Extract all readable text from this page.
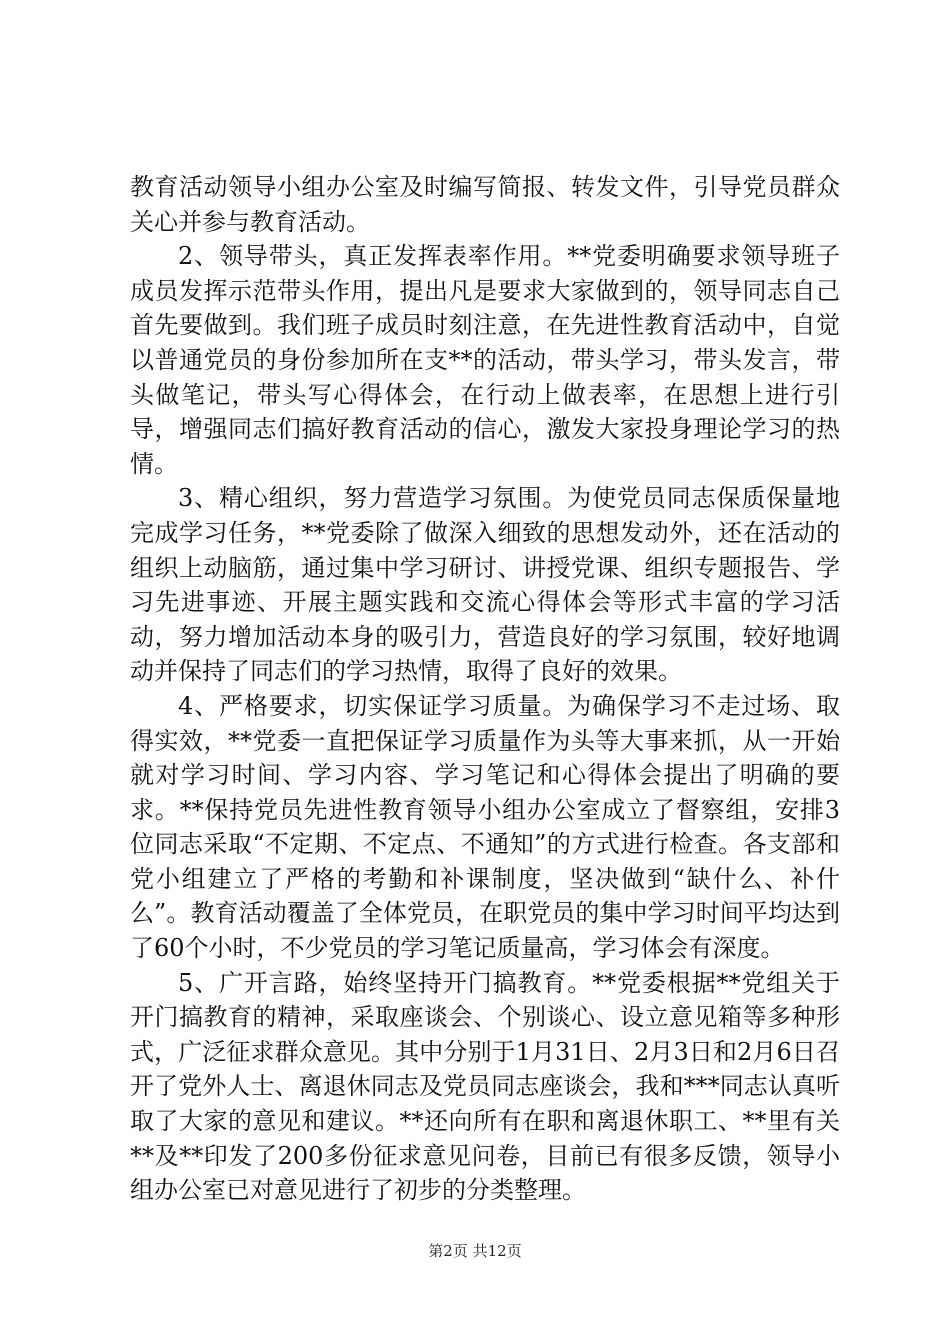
教育活动领导小组办公室及时编写简报、转发文件，引导党员群众关心并参与教育活动。

2、领导带头，真正发挥表率作用。**党委明确要求领导班子成员发挥示范带头作用，提出凡是要求大家做到的，领导同志自己首先要做到。我们班子成员时刻注意，在先进性教育活动中，自觉以普通党员的身份参加所在支**的活动，带头学习，带头发言，带头做笔记，带头写心得体会，在行动上做表率，在思想上进行引导，增强同志们搞好教育活动的信心，激发大家投身理论学习的热情。

3、精心组织，努力营造学习氛围。为使党员同志保质保量地完成学习任务，**党委除了做深入细致的思想发动外，还在活动的组织上动脑筋，通过集中学习研讨、讲授党课、组织专题报告、学习先进事迹、开展主题实践和交流心得体会等形式丰富的学习活动，努力增加活动本身的吸引力，营造良好的学习氛围，较好地调动并保持了同志们的学习热情，取得了良好的效果。

4、严格要求，切实保证学习质量。为确保学习不走过场、取得实效，**党委一直把保证学习质量作为头等大事来抓，从一开始就对学习时间、学习内容、学习笔记和心得体会提出了明确的要求。**保持党员先进性教育领导小组办公室成立了督察组，安排3位同志采取“不定期、不定点、不通知”的方式进行检查。各支部和党小组建立了严格的考勤和补课制度，坚决做到“缺什么、补什么”。教育活动覆盖了全体党员，在职党员的集中学习时间平均达到了60个小时，不少党员的学习笔记质量高，学习体会有深度。

5、广开言路，始终坚持开门搞教育。**党委根据**党组关于开门搞教育的精神，采取座谈会、个别谈心、设立意见箱等多种形式，广泛征求群众意见。其中分别于1月31日、2月3日和2月6日召开了党外人士、离退休同志及党员同志座谈会，我和***同志认真听取了大家的意见和建议。**还向所有在职和离退休职工、**里有关**及**印发了200多份征求意见问卷，目前已有很多反馈，领导小组办公室已对意见进行了初步的分类整理。

第2页 共12页
